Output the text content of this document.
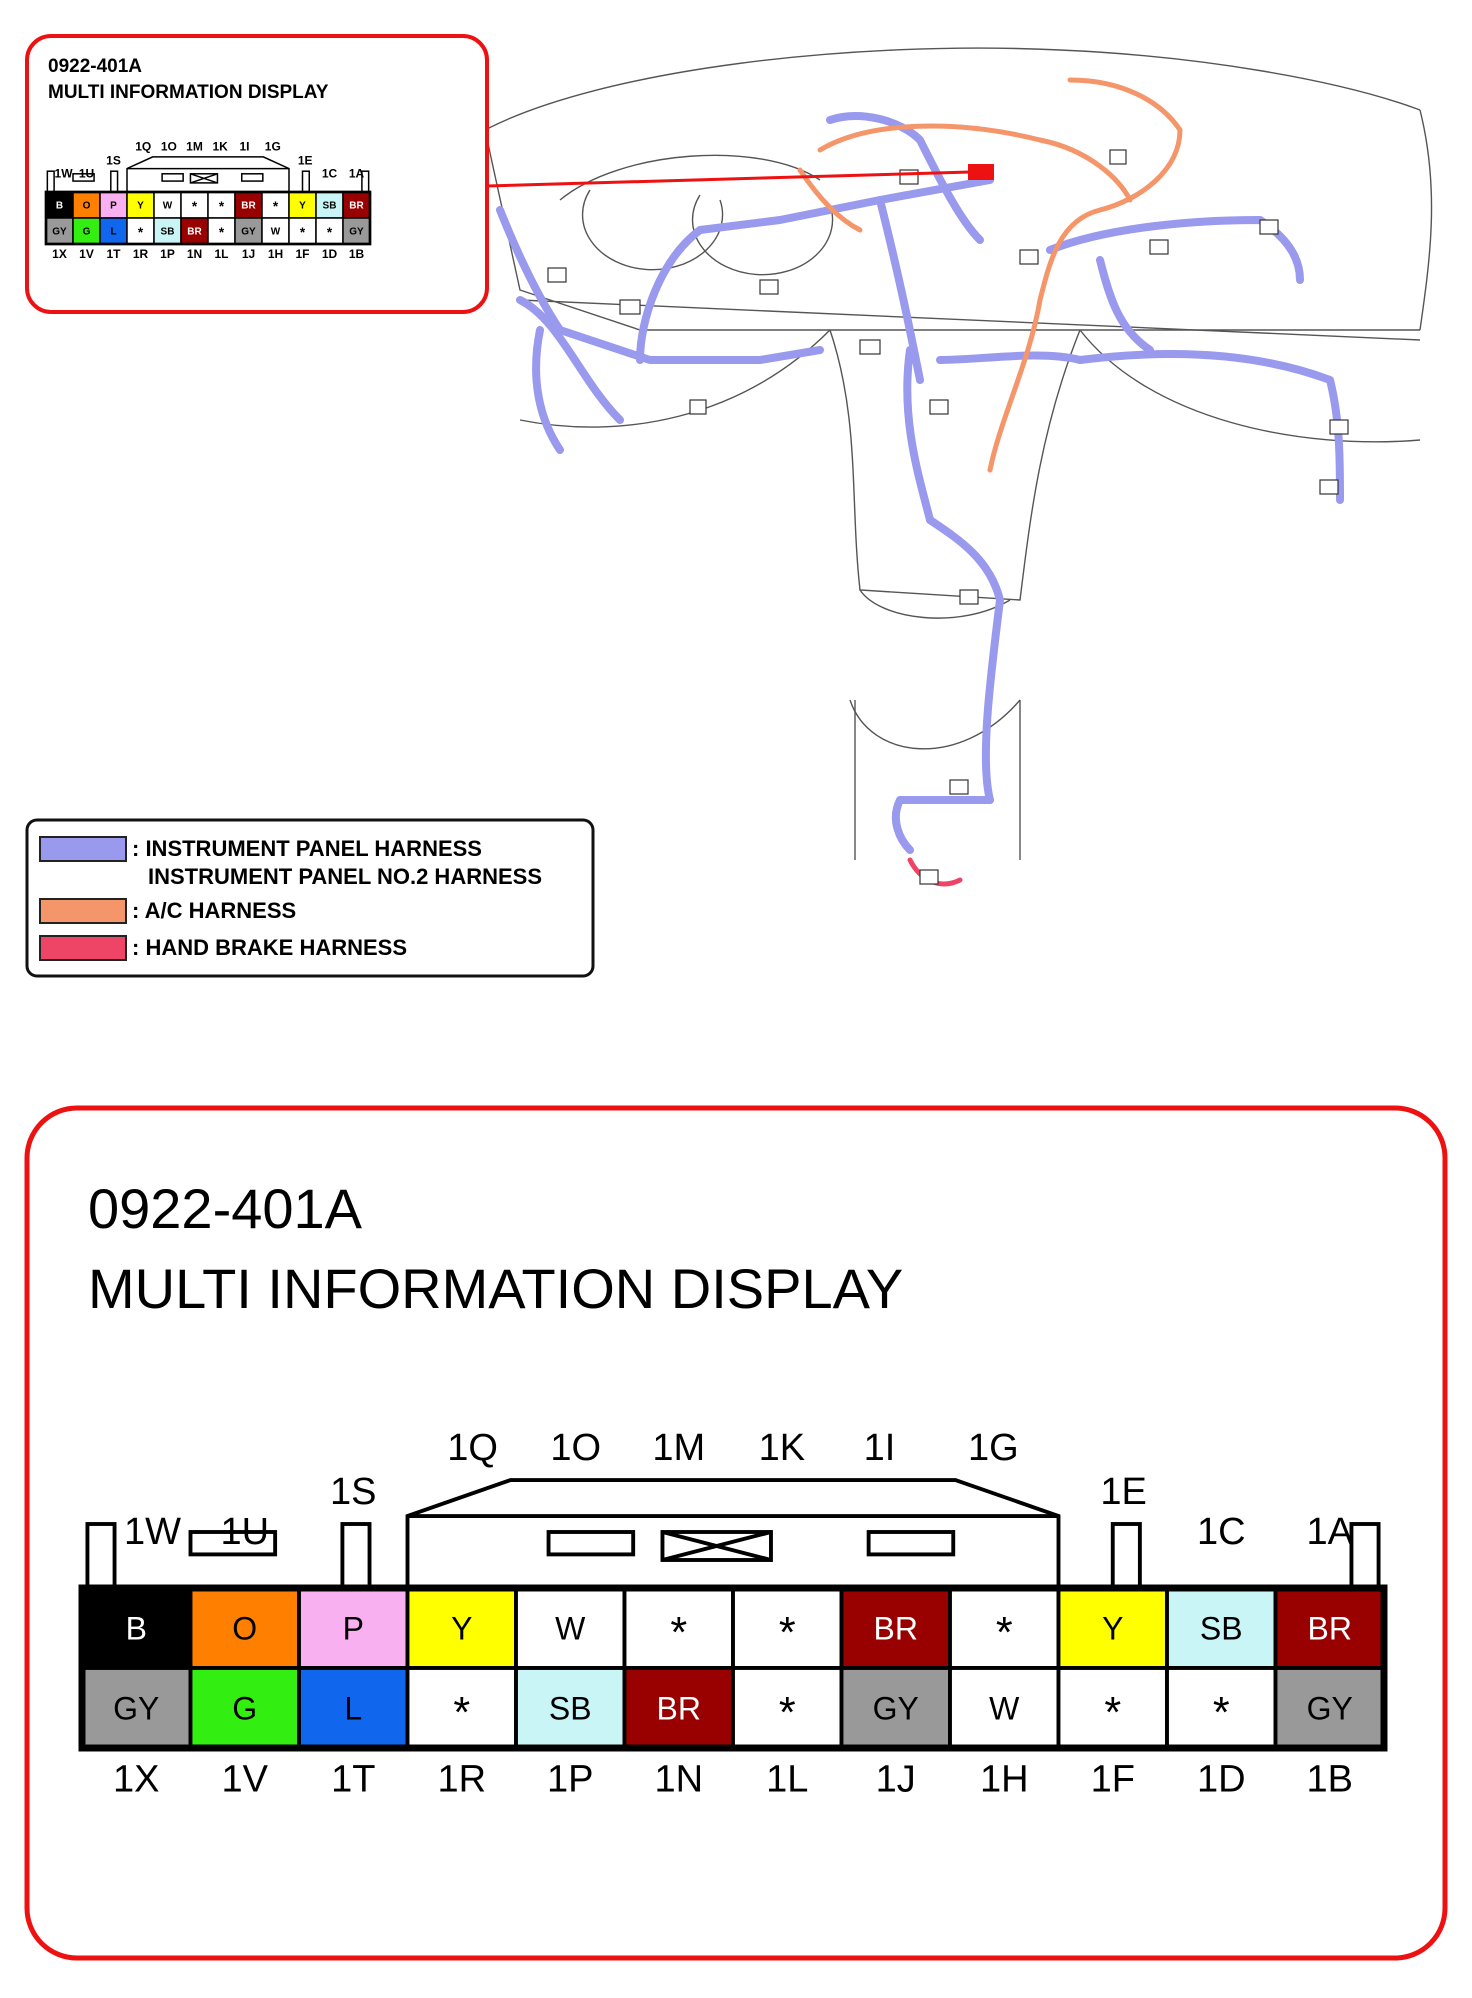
0922-401A
MULTI INFORMATION DISPLAY
B O P Y W * * BR * Y SB BR
GY G L * SB BR * GY W * * GY
1W 1U
1S
1Q 1O 1M 1K 1I 1G
1E
1C 1A
1X 1V 1T 1R 1P 1N 1L 1J 1H 1F 1D 1B
: INSTRUMENT PANEL HARNESS
INSTRUMENT PANEL NO.2 HARNESS
: A/C HARNESS
: HAND BRAKE HARNESS
0922-401A
MULTI INFORMATION DISPLAY
B	O	P	Y	W * * BR *	Y SB BR
GY G	L * SB BR * GY W * * GY
1W 1U
1S
1Q 1O 1M 1K 1I 1G
1E
1C 1A
1X 1V 1T 1R 1P 1N 1L 1J 1H 1F 1D 1B
